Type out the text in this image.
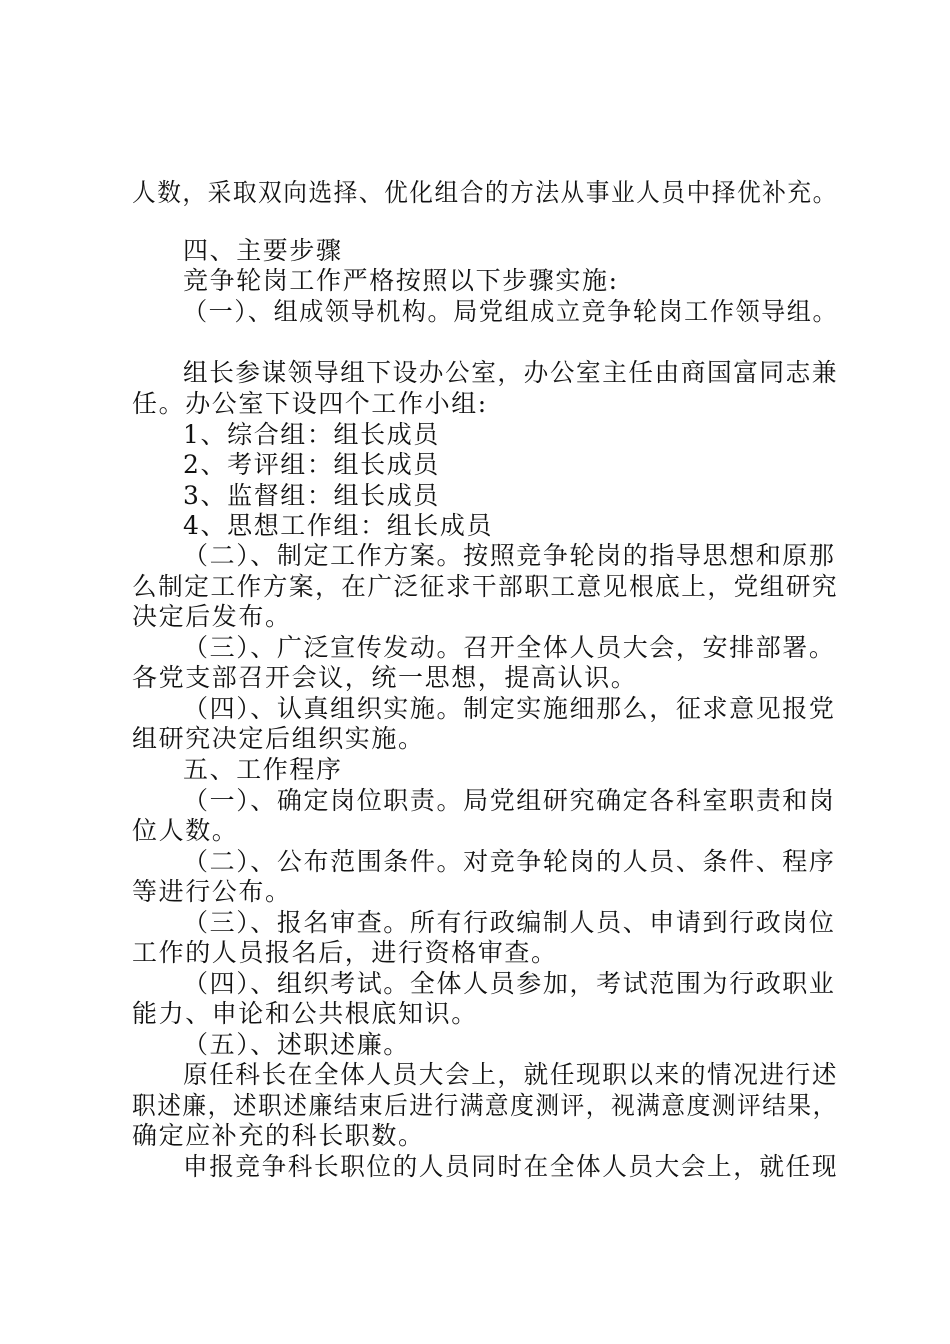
人数，采取双向选择、优化组合的方法从事业人员中择优补充。
四、主要步骤
竞争轮岗工作严格按照以下步骤实施:
（一）、组成领导机构。局党组成立竞争轮岗工作领导组。
组长参谋领导组下设办公室，办公室主任由商国富同志兼
任。办公室下设四个工作小组:
1、综合组：组长成员
2、考评组：组长成员
3、监督组：组长成员
4、思想工作组：组长成员
（二）、制定工作方案。按照竞争轮岗的指导思想和原那
么制定工作方案，在广泛征求干部职工意见根底上，党组研究
决定后发布。
（三）、广泛宣传发动。召开全体人员大会，安排部署。
各党支部召开会议，统一思想，提高认识。
（四）、认真组织实施。制定实施细那么，征求意见报党
组研究决定后组织实施。
五、工作程序
（一）、确定岗位职责。局党组研究确定各科室职责和岗
位人数。
（二）、公布范围条件。对竞争轮岗的人员、条件、程序
等进行公布。
（三）、报名审查。所有行政编制人员、申请到行政岗位
工作的人员报名后，进行资格审查。
（四）、组织考试。全体人员参加，考试范围为行政职业
能力、申论和公共根底知识。
（五）、述职述廉。
原任科长在全体人员大会上，就任现职以来的情况进行述
职述廉，述职述廉结束后进行满意度测评，视满意度测评结果，
确定应补充的科长职数。
申报竞争科长职位的人员同时在全体人员大会上，就任现
